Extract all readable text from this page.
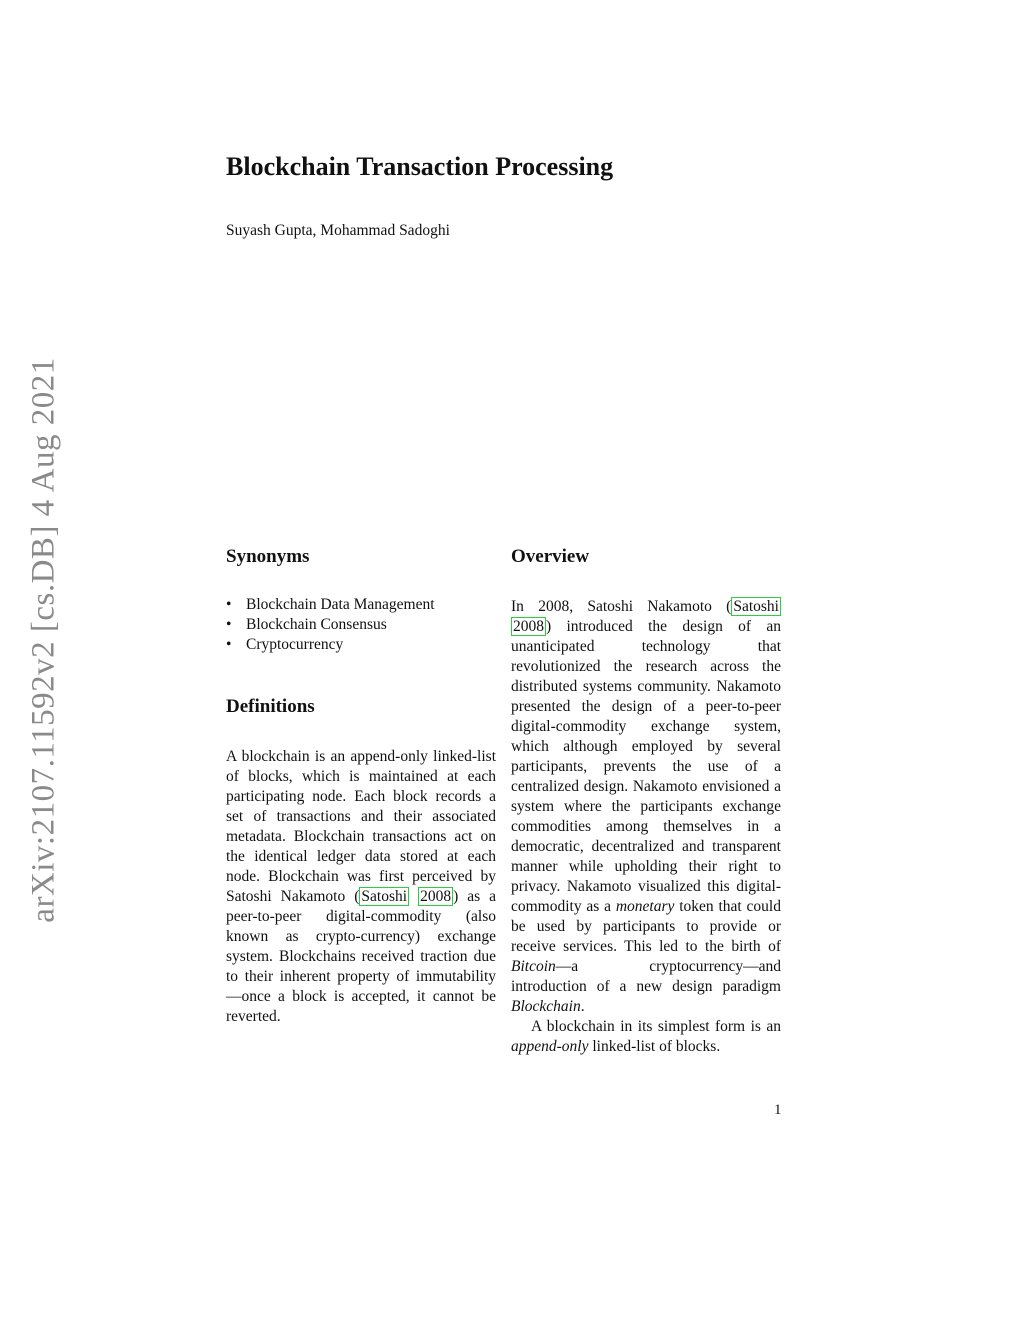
arXiv:2107.11592v2 [cs.DB] 4 Aug 2021
Blockchain Transaction Processing
Suyash Gupta, Mohammad Sadoghi
Synonyms
• Blockchain Data Management
• Blockchain Consensus
• Cryptocurrency
Definitions

A blockchain is an append-only linked-list of blocks, which is maintained at each participating node. Each block records a set of transactions and their associated metadata. Blockchain transactions act on the identical ledger data stored at each node. Blockchain was first perceived by Satoshi Nakamoto ( Satoshi 2008 ) as a peer-to-peer digital-commodity (also known as crypto-currency) exchange system. Blockchains received traction due to their inherent property of immutability—once a block is accepted, it cannot be reverted.

Overview

In 2008, Satoshi Nakamoto ( Satoshi 2008 ) introduced the design of an unanticipated technology that revolutionized the research across the distributed systems community. Nakamoto presented the design of a peer-to-peer digital-commodity exchange system, which although employed by several participants, prevents the use of a centralized design. Nakamoto envisioned a system where the participants exchange commodities among themselves in a democratic, decentralized and transparent manner while upholding their right to privacy. Nakamoto visualized this digital-commodity as a monetary token that could be used by participants to provide or receive services. This led to the birth of Bitcoin—a cryptocurrency—and introduction of a new design paradigm Blockchain.

A blockchain in its simplest form is an append-only linked-list of blocks.

1
